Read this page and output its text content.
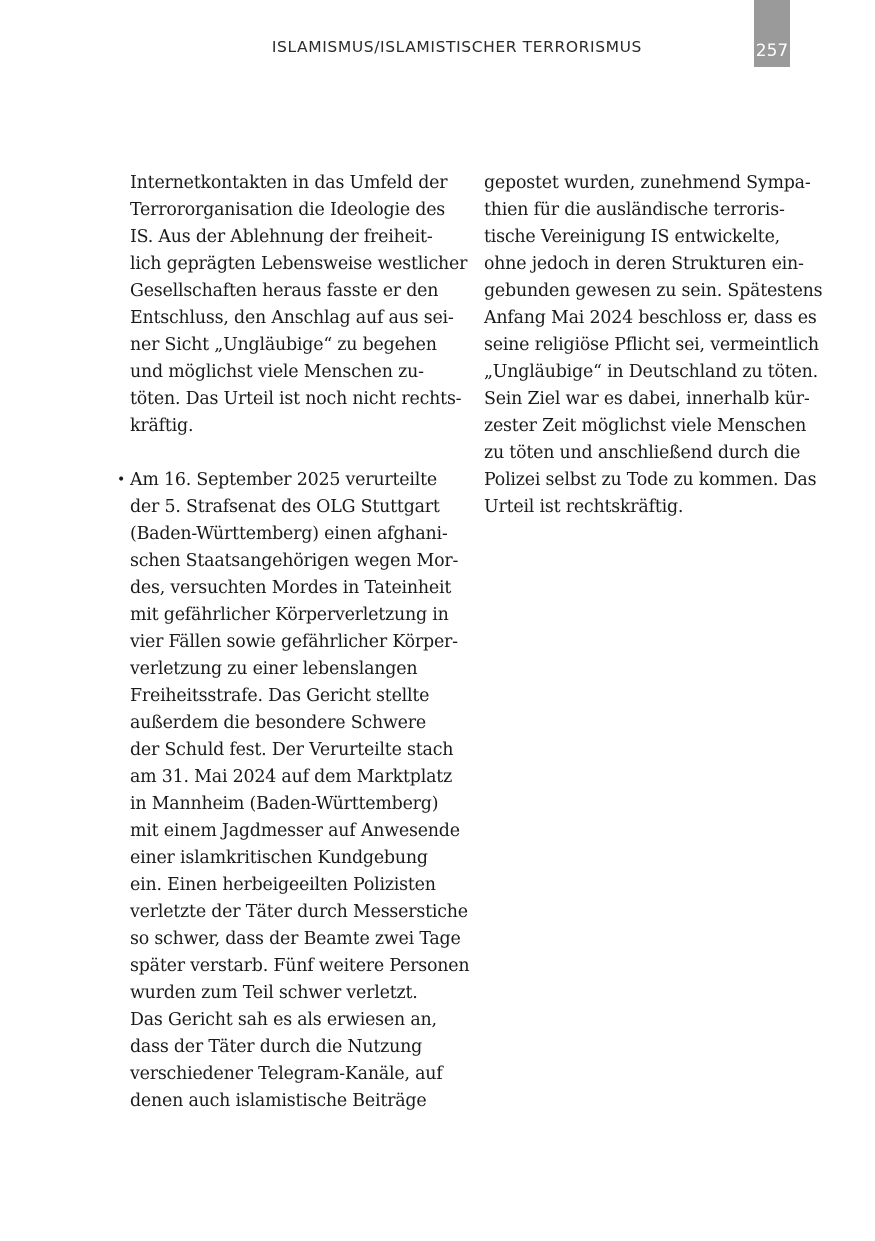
ISLAMISMUS/ISLAMISTISCHER TERRORISMUS	257
Internetkontakten in das Umfeld der
Terrororganisation die Ideologie des
IS. Aus der Ablehnung der freiheit-
lich geprägten Lebensweise westlicher
Gesellschaften heraus fasste er den
Entschluss, den Anschlag auf aus sei-
ner Sicht „Ungläubige“ zu begehen
und möglichst viele Menschen zu-
töten. Das Urteil ist noch nicht rechts-
kräftig.
• Am 16. September 2025 verurteilte
der 5. Strafsenat des OLG Stuttgart
(Baden-Württemberg) einen afghani-
schen Staatsangehörigen wegen Mor-
des, versuchten Mordes in Tateinheit
mit gefährlicher Körperverletzung in
vier Fällen sowie gefährlicher Körper-
verletzung zu einer lebenslangen
Freiheitsstrafe. Das Gericht stellte
außerdem die besondere Schwere
der Schuld fest. Der Verurteilte stach
am 31. Mai 2024 auf dem Marktplatz
in Mannheim (Baden-Württemberg)
mit einem Jagdmesser auf Anwesende
einer islamkritischen Kundgebung
ein. Einen herbeigeeilten Polizisten
verletzte der Täter durch Messerstiche
so schwer, dass der Beamte zwei Tage
später verstarb. Fünf weitere Personen
wurden zum Teil schwer verletzt.
Das Gericht sah es als erwiesen an,
dass der Täter durch die Nutzung
verschiedener Telegram-Kanäle, auf
denen auch islamistische Beiträge
gepostet wurden, zunehmend Sympa-
thien für die ausländische terroris-
tische Vereinigung IS entwickelte,
ohne jedoch in deren Strukturen ein-
gebunden gewesen zu sein. Spätestens
Anfang Mai 2024 beschloss er, dass es
seine religiöse Pflicht sei, vermeintlich
„Ungläubige“ in Deutschland zu töten.
Sein Ziel war es dabei, innerhalb kür-
zester Zeit möglichst viele Menschen
zu töten und anschließend durch die
Polizei selbst zu Tode zu kommen. Das
Urteil ist rechtskräftig.
